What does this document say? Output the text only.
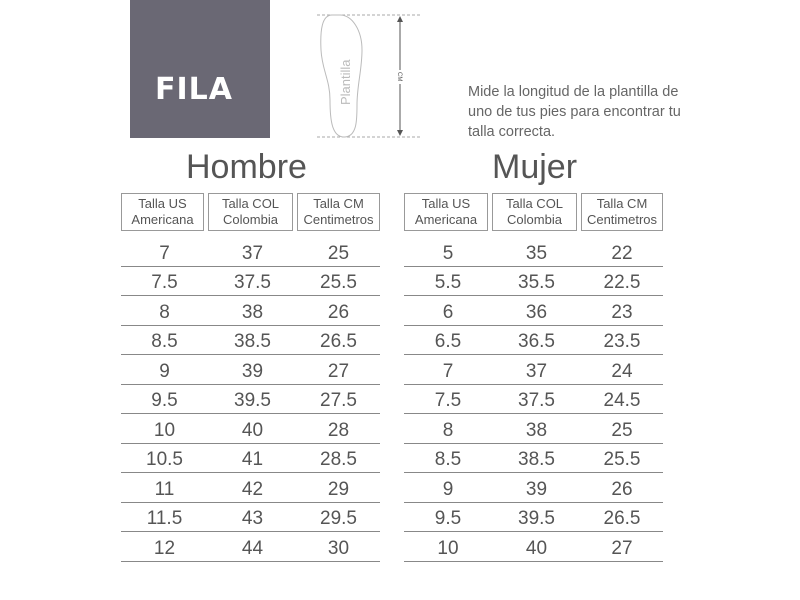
FILA	Plantilla	CM
Mide la longitud de la plantilla de uno de tus pies para encontrar tu talla correcta.
Hombre	Mujer
Talla US
Americana
Talla COL
Colombia
Talla CM
Centimetros
7	37	25
7.5	37.5	25.5
8	38	26
8.5	38.5	26.5
9	39	27
9.5	39.5	27.5
10	40	28
10.5	41	28.5
11	42	29
11.5	43	29.5
12	44	30
Talla US
Americana
Talla COL
Colombia
Talla CM
Centimetros
5	35	22
5.5	35.5	22.5
6	36	23
6.5	36.5	23.5
7	37	24
7.5	37.5	24.5
8	38	25
8.5	38.5	25.5
9	39	26
9.5	39.5	26.5
10	40	27
